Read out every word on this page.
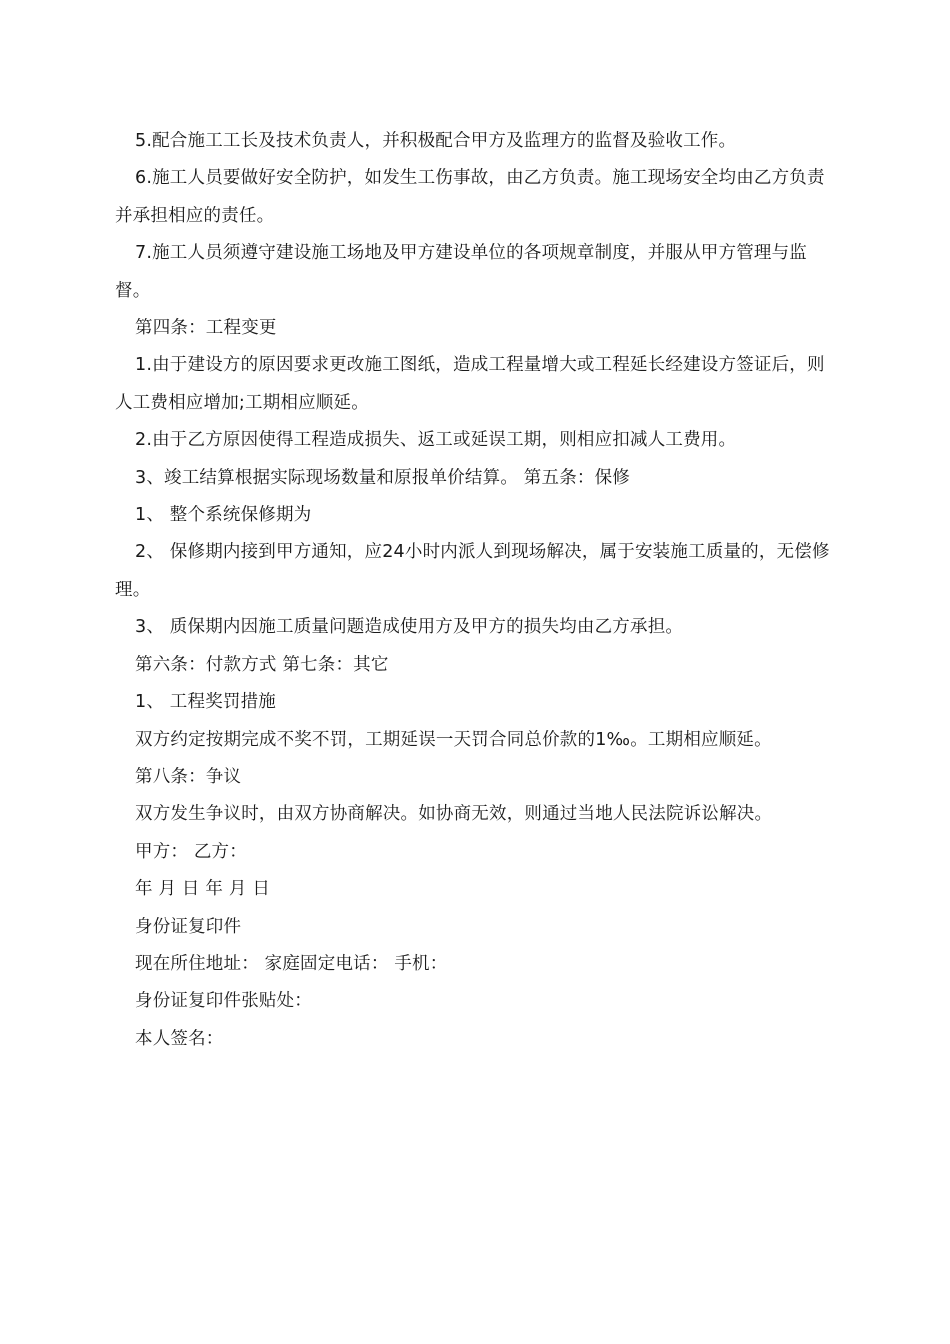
5.配合施工工长及技术负责人，并积极配合甲方及监理方的监督及验收工作。

6.施工人员要做好安全防护，如发生工伤事故，由乙方负责。施工现场安全均由乙方负责并承担相应的责任。

7.施工人员须遵守建设施工场地及甲方建设单位的各项规章制度，并服从甲方管理与监督。

第四条：工程变更

1.由于建设方的原因要求更改施工图纸，造成工程量增大或工程延长经建设方签证后，则人工费相应增加;工期相应顺延。

2.由于乙方原因使得工程造成损失、返工或延误工期，则相应扣减人工费用。

3、竣工结算根据实际现场数量和原报单价结算。 第五条：保修

1、 整个系统保修期为

2、 保修期内接到甲方通知，应24小时内派人到现场解决，属于安装施工质量的，无偿修理。

3、 质保期内因施工质量问题造成使用方及甲方的损失均由乙方承担。

第六条：付款方式 第七条：其它

1、 工程奖罚措施

双方约定按期完成不奖不罚，工期延误一天罚合同总价款的1‰。工期相应顺延。

第八条：争议

双方发生争议时，由双方协商解决。如协商无效，则通过当地人民法院诉讼解决。

甲方： 乙方：

年 月 日 年 月 日

身份证复印件

现在所住地址： 家庭固定电话： 手机：

身份证复印件张贴处：

本人签名：
